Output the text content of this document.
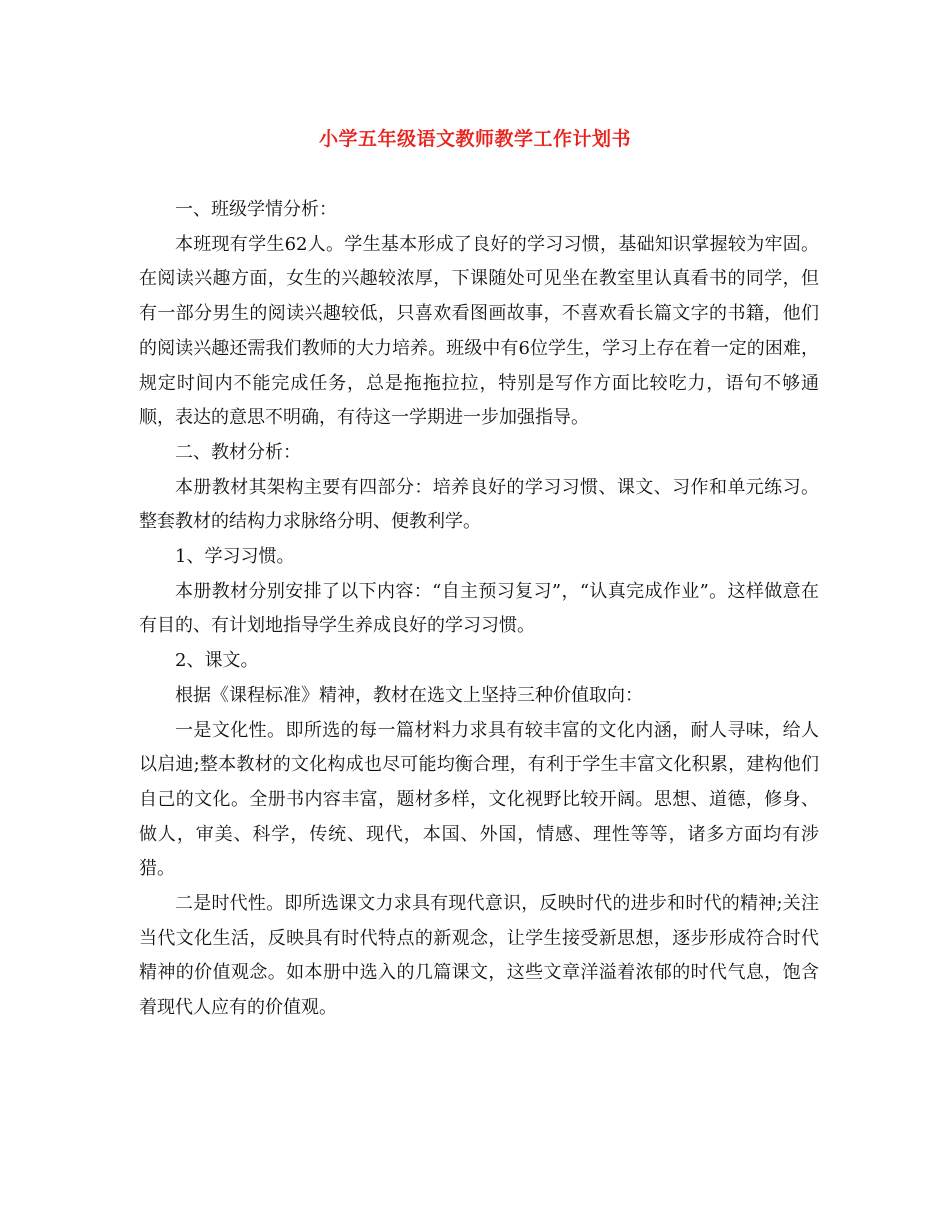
小学五年级语文教师教学工作计划书

一、班级学情分析：

本班现有学生62人。学生基本形成了良好的学习习惯，基础知识掌握较为牢固。在阅读兴趣方面，女生的兴趣较浓厚，下课随处可见坐在教室里认真看书的同学，但有一部分男生的阅读兴趣较低，只喜欢看图画故事，不喜欢看长篇文字的书籍，他们的阅读兴趣还需我们教师的大力培养。班级中有6位学生，学习上存在着一定的困难，规定时间内不能完成任务，总是拖拖拉拉，特别是写作方面比较吃力，语句不够通顺，表达的意思不明确，有待这一学期进一步加强指导。

二、教材分析：

本册教材其架构主要有四部分：培养良好的学习习惯、课文、习作和单元练习。整套教材的结构力求脉络分明、便教利学。

1、学习习惯。

本册教材分别安排了以下内容：“自主预习复习”，“认真完成作业”。这样做意在有目的、有计划地指导学生养成良好的学习习惯。

2、课文。

根据《课程标准》精神，教材在选文上坚持三种价值取向：

一是文化性。即所选的每一篇材料力求具有较丰富的文化内涵，耐人寻味，给人以启迪;整本教材的文化构成也尽可能均衡合理，有利于学生丰富文化积累，建构他们自己的文化。全册书内容丰富，题材多样，文化视野比较开阔。思想、道德，修身、做人，审美、科学，传统、现代，本国、外国，情感、理性等等，诸多方面均有涉猎。

二是时代性。即所选课文力求具有现代意识，反映时代的进步和时代的精神;关注当代文化生活，反映具有时代特点的新观念，让学生接受新思想，逐步形成符合时代精神的价值观念。如本册中选入的几篇课文，这些文章洋溢着浓郁的时代气息，饱含着现代人应有的价值观。
